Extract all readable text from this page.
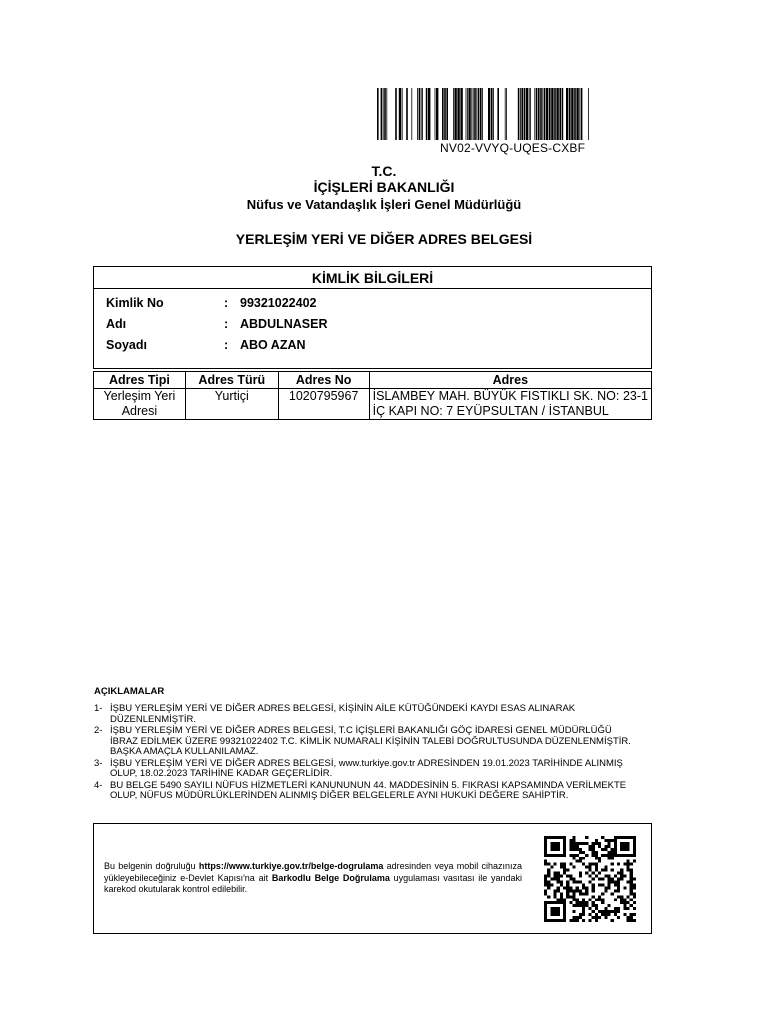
NV02-VVYQ-UQES-CXBF
T.C.
İÇİŞLERİ BAKANLIĞI
Nüfus ve Vatandaşlık İşleri Genel Müdürlüğü
YERLEŞİM YERİ VE DİĞER ADRES BELGESİ
KİMLİK BİLGİLERİ
Kimlik No	: 99321022402
Adı	: ABDULNASER
Soyadı	: ABO AZAN
Adres Tipi	Adres Türü	Adres No	Adres
Yerleşim Yeri Adresi	Yurtiçi	1020795967	İSLAMBEY MAH. BÜYÜK FISTIKLI SK. NO: 23-1 İÇ KAPI NO: 7 EYÜPSULTAN / İSTANBUL
AÇIKLAMALAR
1- İŞBU YERLEŞİM YERİ VE DİĞER ADRES BELGESİ, KİŞİNİN AİLE KÜTÜĞÜNDEKİ KAYDI ESAS ALINARAK DÜZENLENMİŞTİR.
2- İŞBU YERLEŞİM YERİ VE DİĞER ADRES BELGESİ, T.C İÇİŞLERİ BAKANLIĞI GÖÇ İDARESİ GENEL MÜDÜRLÜĞÜ İBRAZ EDİLMEK ÜZERE 99321022402 T.C. KİMLİK NUMARALI KİŞİNİN TALEBİ DOĞRULTUSUNDA DÜZENLENMİŞTİR. BAŞKA AMAÇLA KULLANILAMAZ.
3- İŞBU YERLEŞİM YERİ VE DİĞER ADRES BELGESİ, www.turkiye.gov.tr ADRESİNDEN 19.01.2023 TARİHİNDE ALINMIŞ OLUP, 18.02.2023 TARİHİNE KADAR GEÇERLİDİR.
4- BU BELGE 5490 SAYILI NÜFUS HİZMETLERİ KANUNUNUN 44. MADDESİNİN 5. FIKRASI KAPSAMINDA VERİLMEKTE OLUP, NÜFUS MÜDÜRLÜKLERİNDEN ALINMIŞ DİĞER BELGELERLE AYNI HUKUKİ DEĞERE SAHİPTİR.
Bu belgenin doğruluğu https://www.turkiye.gov.tr/belge-dogrulama adresinden veya mobil cihazınıza yükleyebileceğiniz e-Devlet Kapısı'na ait Barkodlu Belge Doğrulama uygulaması vasıtası ile yandaki karekod okutularak kontrol edilebilir.
